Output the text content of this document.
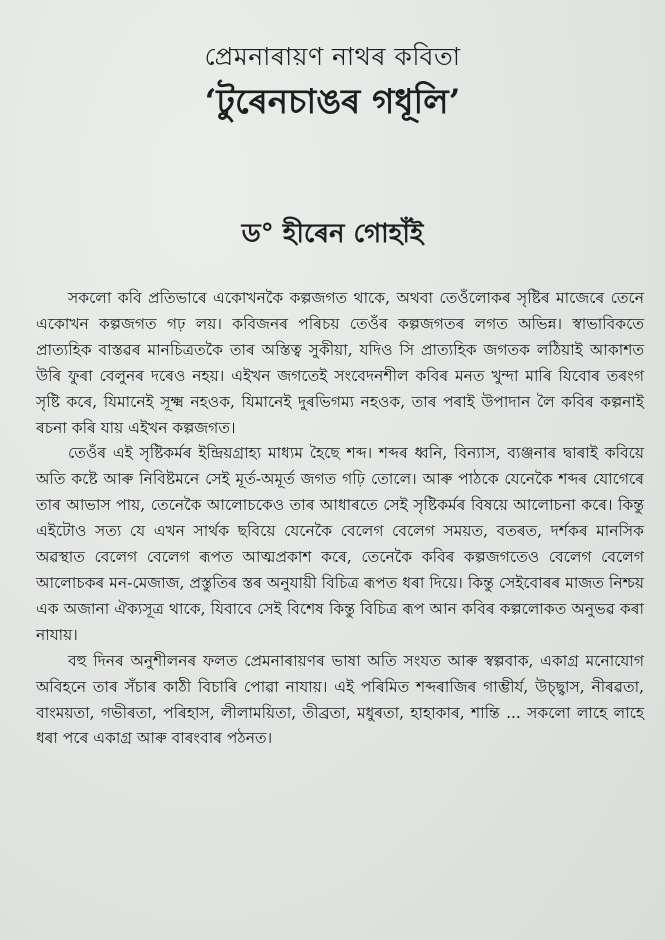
প্ৰেমনাৰায়ণ নাথৰ কবিতা
‘টুৰেনচাঙৰ গধূলি’
ড° হীৰেন গোহাঁই

সকলো কবি প্ৰতিভাৰে একোখনকৈ কল্পজগত থাকে, অথবা তেওঁলোকৰ সৃষ্টিৰ মাজেৰে তেনে একোখন কল্পজগত গঢ় লয়। কবিজনৰ পৰিচয় তেওঁৰ কল্পজগতৰ লগত অভিন্ন। স্বাভাবিকতে প্ৰাত্যহিক বাস্তৱৰ মানচিত্ৰতকৈ তাৰ অস্তিত্ব সুকীয়া, যদিও সি প্ৰাত্যহিক জগতক লঠিয়াই আকাশত উৰি ফুৰা বেলুনৰ দৰেও নহয়। এইখন জগতেই সংবেদনশীল কবিৰ মনত খুন্দা মাৰি যিবোৰ তৰংগ সৃষ্টি কৰে, যিমানেই সূক্ষ্ম নহওক, যিমানেই দুৰভিগম্য নহওক, তাৰ পৰাই উপাদান লৈ কবিৰ কল্পনাই ৰচনা কৰি যায় এইখন কল্পজগত।

তেওঁৰ এই সৃষ্টিকৰ্মৰ ইন্দ্ৰিয়গ্ৰাহ্য মাধ্যম হৈছে শব্দ। শব্দৰ ধ্বনি, বিন্যাস, ব্যঞ্জনাৰ দ্বাৰাই কবিয়ে অতি কষ্টে আৰু নিবিষ্টমনে সেই মূৰ্ত-অমূৰ্ত জগত গঢ়ি তোলে। আৰু পাঠকে যেনেকৈ শব্দৰ যোগেৰে তাৰ আভাস পায়, তেনেকৈ আলোচকেও তাৰ আধাৰতে সেই সৃষ্টিকৰ্মৰ বিষয়ে আলোচনা কৰে। কিন্তু এইটোও সত্য যে এখন সাৰ্থক ছবিয়ে যেনেকৈ বেলেগ বেলেগ সময়ত, বতৰত, দৰ্শকৰ মানসিক অৱস্থাত বেলেগ বেলেগ ৰূপত আত্মপ্ৰকাশ কৰে, তেনেকৈ কবিৰ কল্পজগতেও বেলেগ বেলেগ আলোচকৰ মন-মেজাজ, প্ৰস্তুতিৰ স্তৰ অনুযায়ী বিচিত্ৰ ৰূপত ধৰা দিয়ে। কিন্তু সেইবোৰৰ মাজত নিশ্চয় এক অজানা ঐক্যসূত্ৰ থাকে, যিবাবে সেই বিশেষ কিন্তু বিচিত্ৰ ৰূপ আন কবিৰ কল্পলোকত অনুভৱ কৰা নাযায়।

বহু দিনৰ অনুশীলনৰ ফলত প্ৰেমনাৰায়ণৰ ভাষা অতি সংযত আৰু স্বল্পবাক, একাগ্ৰ মনোযোগ অবিহনে তাৰ সঁচাৰ কাঠী বিচাৰি পোৱা নাযায়। এই পৰিমিত শব্দৰাজিৰ গাম্ভীৰ্য, উচ্ছ্বাস, নীৰৱতা, বাংময়তা, গভীৰতা, পৰিহাস, লীলাময়িতা, তীব্ৰতা, মধুৰতা, হাহাকাৰ, শান্তি ... সকলো লাহে লাহে ধৰা পৰে একাগ্ৰ আৰু বাৰংবাৰ পঠনত।
